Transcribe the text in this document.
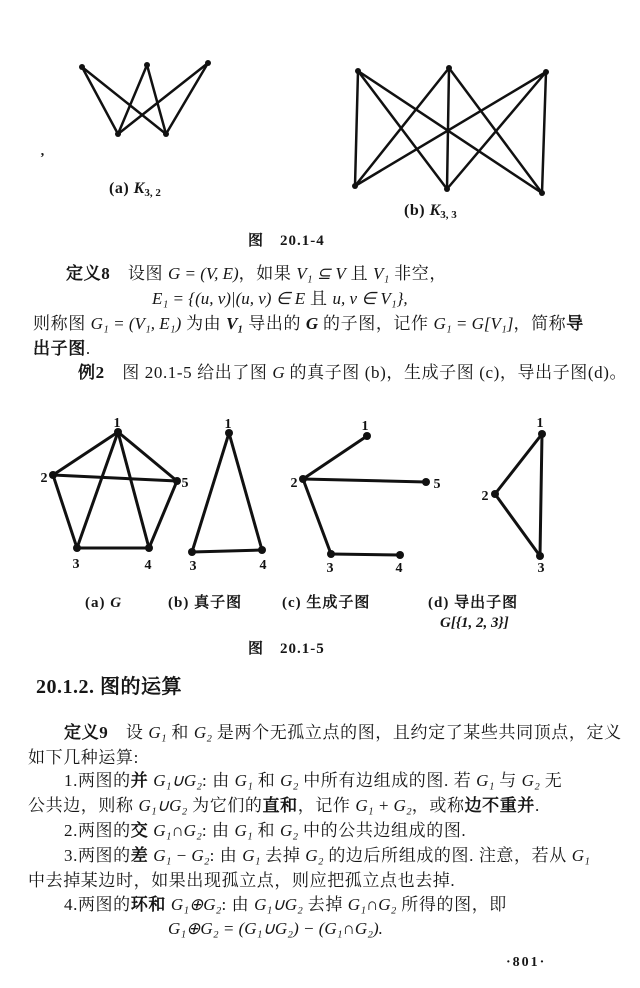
1
2	5
3	4
1
3	4
1
2	5
3	4
1
2
3
’
(a) $K_{3, 2}$
(b) $K_{3, 3}$
图　20.1-4
定义8　设图 G = (V, E)，如果 V₁ ⊆ V 且 V₁ 非空，
E₁ = {(u, v)|(u, v) ∈ E 且 u, v ∈ V₁},
则称图 G₁ = (V₁, E₁) 为由 V₁ 导出的 G 的子图，记作 G₁ = G[V₁]，简称导
出子图.
例2　图 20.1-5 给出了图 G 的真子图 (b)，生成子图 (c)，导出子图(d)。
(a) G	(b) 真子图	(c) 生成子图	(d) 导出子图
G[{1, 2, 3}]
图　20.1-5
20.1.2. 图的运算
定义9　设 G₁ 和 G₂ 是两个无孤立点的图，且约定了某些共同顶点，定义
如下几种运算:
1.两图的并 G₁∪G₂: 由 G₁ 和 G₂ 中所有边组成的图. 若 G₁ 与 G₂ 无
公共边，则称 G₁∪G₂ 为它们的直和，记作 G₁ + G₂，或称边不重并.
2.两图的交 G₁∩G₂: 由 G₁ 和 G₂ 中的公共边组成的图.
3.两图的差 G₁ − G₂: 由 G₁ 去掉 G₂ 的边后所组成的图. 注意，若从 G₁
中去掉某边时，如果出现孤立点，则应把孤立点也去掉.
4.两图的环和 G₁⊕G₂: 由 G₁∪G₂ 去掉 G₁∩G₂ 所得的图，即
G₁⊕G₂ = (G₁∪G₂) − (G₁∩G₂).
·801·
